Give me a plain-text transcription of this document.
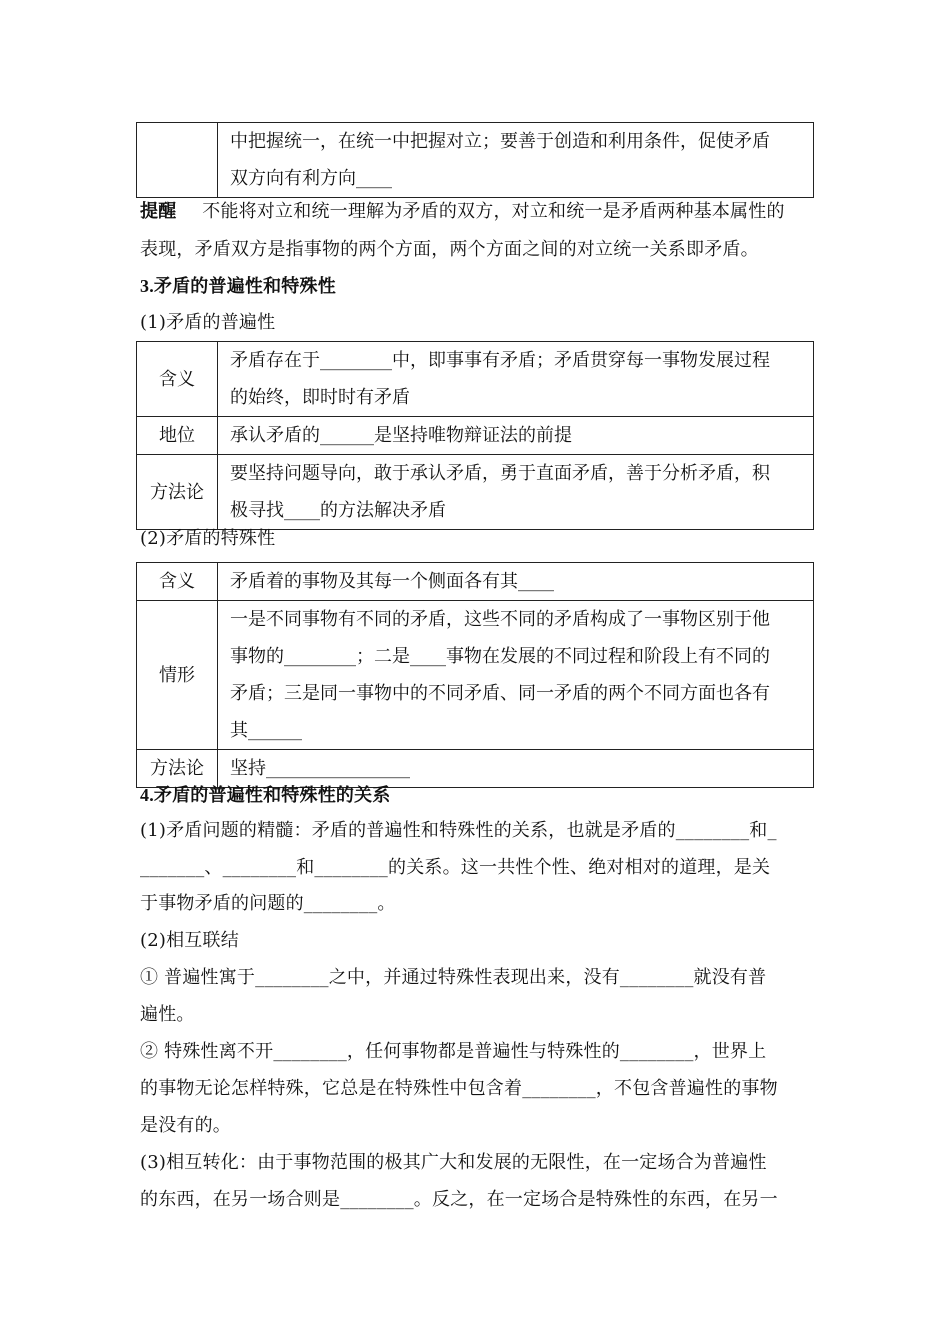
中把握统一，在统一中把握对立；要善于创造和利用条件，促使矛盾
双方向有利方向____
提醒 不能将对立和统一理解为矛盾的双方，对立和统一是矛盾两种基本属性的
表现，矛盾双方是指事物的两个方面，两个方面之间的对立统一关系即矛盾。
3.矛盾的普遍性和特殊性
(1)矛盾的普遍性
含义	矛盾存在于________中，即事事有矛盾；矛盾贯穿每一事物发展过程
的始终，即时时有矛盾

地位	承认矛盾的______是坚持唯物辩证法的前提

方法论	要坚持问题导向，敢于承认矛盾，勇于直面矛盾，善于分析矛盾，积
极寻找____的方法解决矛盾
(2)矛盾的特殊性
含义	矛盾着的事物及其每一个侧面各有其____

情形	一是不同事物有不同的矛盾，这些不同的矛盾构成了一事物区别于他
事物的________；二是____事物在发展的不同过程和阶段上有不同的
矛盾；三是同一事物中的不同矛盾、同一矛盾的两个不同方面也各有
其______

方法论	坚持________________
4.矛盾的普遍性和特殊性的关系
(1)矛盾问题的精髓：矛盾的普遍性和特殊性的关系，也就是矛盾的________和_
_______、________和________的关系。这一共性个性、绝对相对的道理，是关
于事物矛盾的问题的________。
(2)相互联结
① 普遍性寓于________之中，并通过特殊性表现出来，没有________就没有普
遍性。
② 特殊性离不开________，任何事物都是普遍性与特殊性的________，世界上
的事物无论怎样特殊，它总是在特殊性中包含着________，不包含普遍性的事物
是没有的。
(3)相互转化：由于事物范围的极其广大和发展的无限性，在一定场合为普遍性
的东西，在另一场合则是________。反之，在一定场合是特殊性的东西，在另一
